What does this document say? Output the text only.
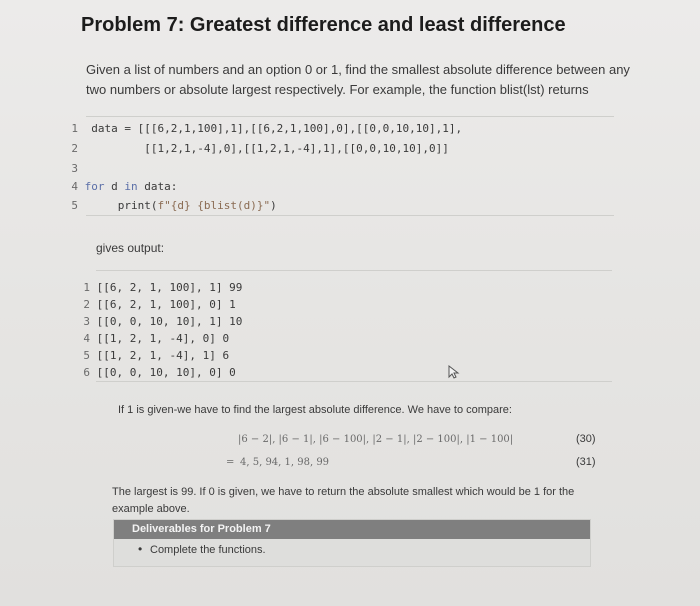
Problem 7: Greatest difference and least difference

Given a list of numbers and an option 0 or 1, find the smallest absolute difference between any two numbers or absolute largest respectively. For example, the function blist(lst) returns

1 data = [[[6,2,1,100],1],[[6,2,1,100],0],[[0,0,10,10],1],

2          [[1,2,1,-4],0],[[1,2,1,-4],1],[[0,0,10,10],0]]

3

4 for d in data:

5      print(f"{d} {blist(d)}")

gives output:

1 [[6, 2, 1, 100], 1] 99

2 [[6, 2, 1, 100], 0] 1

3 [[0, 0, 10, 10], 1] 10

4 [[1, 2, 1, -4], 0] 0

5 [[1, 2, 1, -4], 1] 6

6 [[0, 0, 10, 10], 0] 0

If 1 is given-we have to find the largest absolute difference. We have to compare:
|6 − 2|, |6 − 1|, |6 − 100|, |2 − 1|, |2 − 100|, |1 − 100|	(30)
= 4, 5, 94, 1, 98, 99	(31)

The largest is 99. If 0 is given, we have to return the absolute smallest which would be 1 for the example above.

Deliverables for Problem 7
• Complete the functions.
